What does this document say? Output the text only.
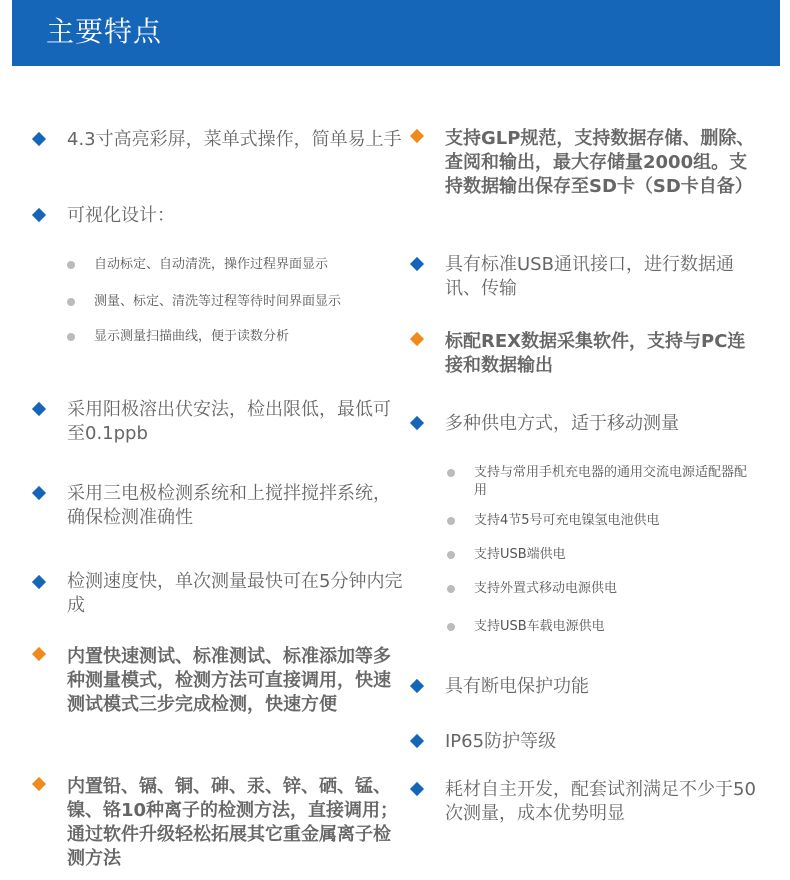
主要特点
4.3寸高亮彩屏，菜单式操作，简单易上手
可视化设计：
自动标定、自动清洗，操作过程界面显示
测量、标定、清洗等过程等待时间界面显示
显示测量扫描曲线，便于读数分析
采用阳极溶出伏安法，检出限低，最低可至0.1ppb
采用三电极检测系统和上搅拌搅拌系统，确保检测准确性
检测速度快，单次测量最快可在5分钟内完成
内置快速测试、标准测试、标准添加等多种测量模式，检测方法可直接调用，快速测试模式三步完成检测，快速方便
内置铅、镉、铜、砷、汞、锌、硒、锰、镍、铬10种离子的检测方法，直接调用；通过软件升级轻松拓展其它重金属离子检测方法
支持GLP规范，支持数据存储、删除、查阅和输出，最大存储量2000组。支持数据输出保存至SD卡（SD卡自备）
具有标准USB通讯接口，进行数据通讯、传输
标配REX数据采集软件，支持与PC连接和数据输出
多种供电方式，适于移动测量
支持与常用手机充电器的通用交流电源适配器配用
支持4节5号可充电镍氢电池供电
支持USB端供电
支持外置式移动电源供电
支持USB车载电源供电
具有断电保护功能
IP65防护等级
耗材自主开发，配套试剂满足不少于50次测量，成本优势明显
